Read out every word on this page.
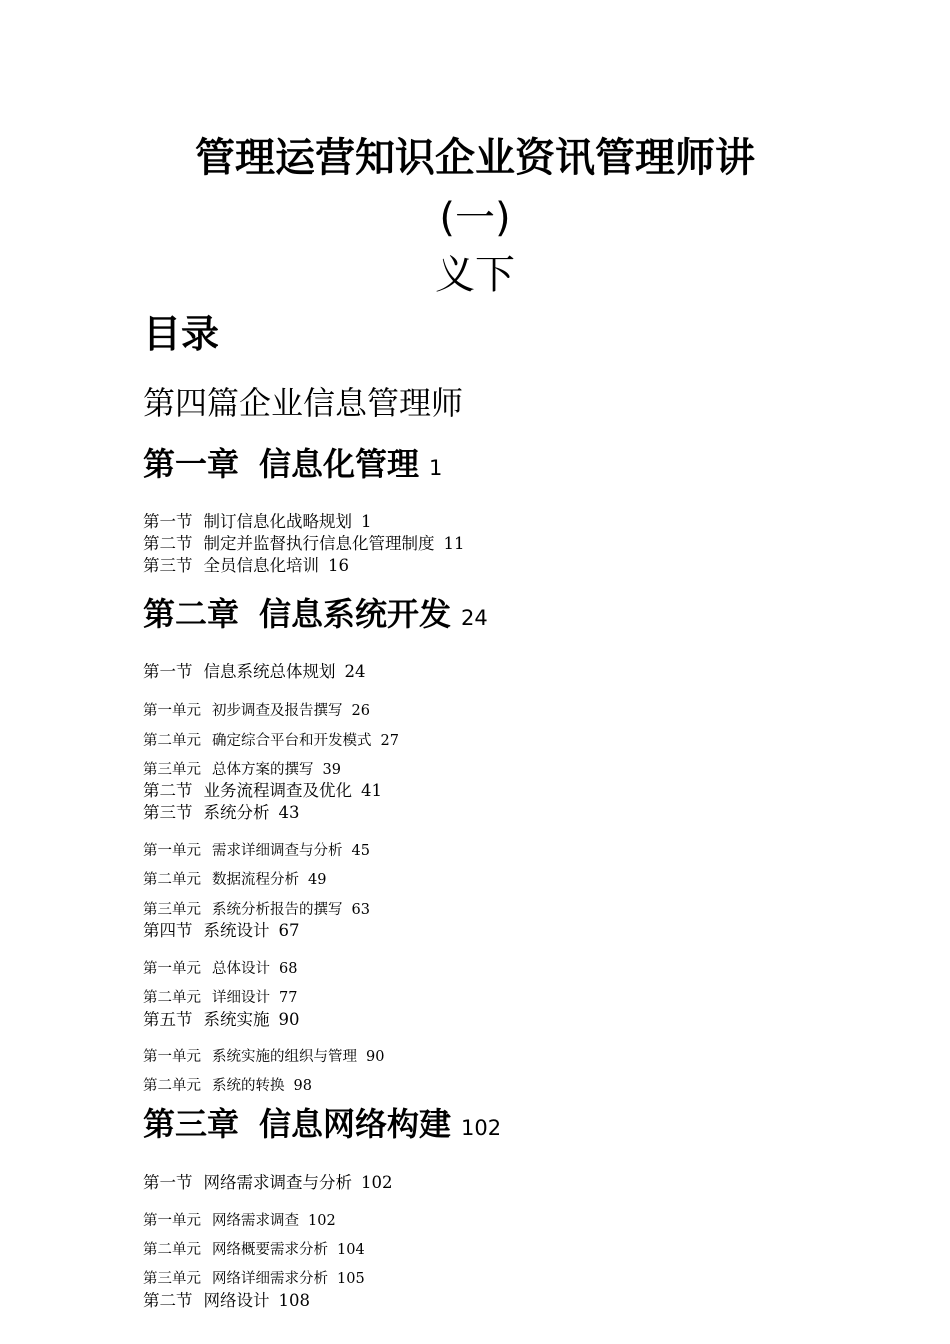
管理运营知识企业资讯管理师讲
(一)
义下
目录
第四篇企业信息管理师
第一章 信息化管理 1
第一节 制订信息化战略规划 1
第二节 制定并监督执行信息化管理制度 11
第三节 全员信息化培训 16
第二章 信息系统开发 24
第一节 信息系统总体规划 24
第一单元 初步调查及报告撰写 26
第二单元 确定综合平台和开发模式 27
第三单元 总体方案的撰写 39
第二节 业务流程调查及优化 41
第三节 系统分析 43
第一单元 需求详细调查与分析 45
第二单元 数据流程分析 49
第三单元 系统分析报告的撰写 63
第四节 系统设计 67
第一单元 总体设计 68
第二单元 详细设计 77
第五节 系统实施 90
第一单元 系统实施的组织与管理 90
第二单元 系统的转换 98
第三章 信息网络构建 102
第一节 网络需求调查与分析 102
第一单元 网络需求调查 102
第二单元 网络概要需求分析 104
第三单元 网络详细需求分析 105
第二节 网络设计 108
